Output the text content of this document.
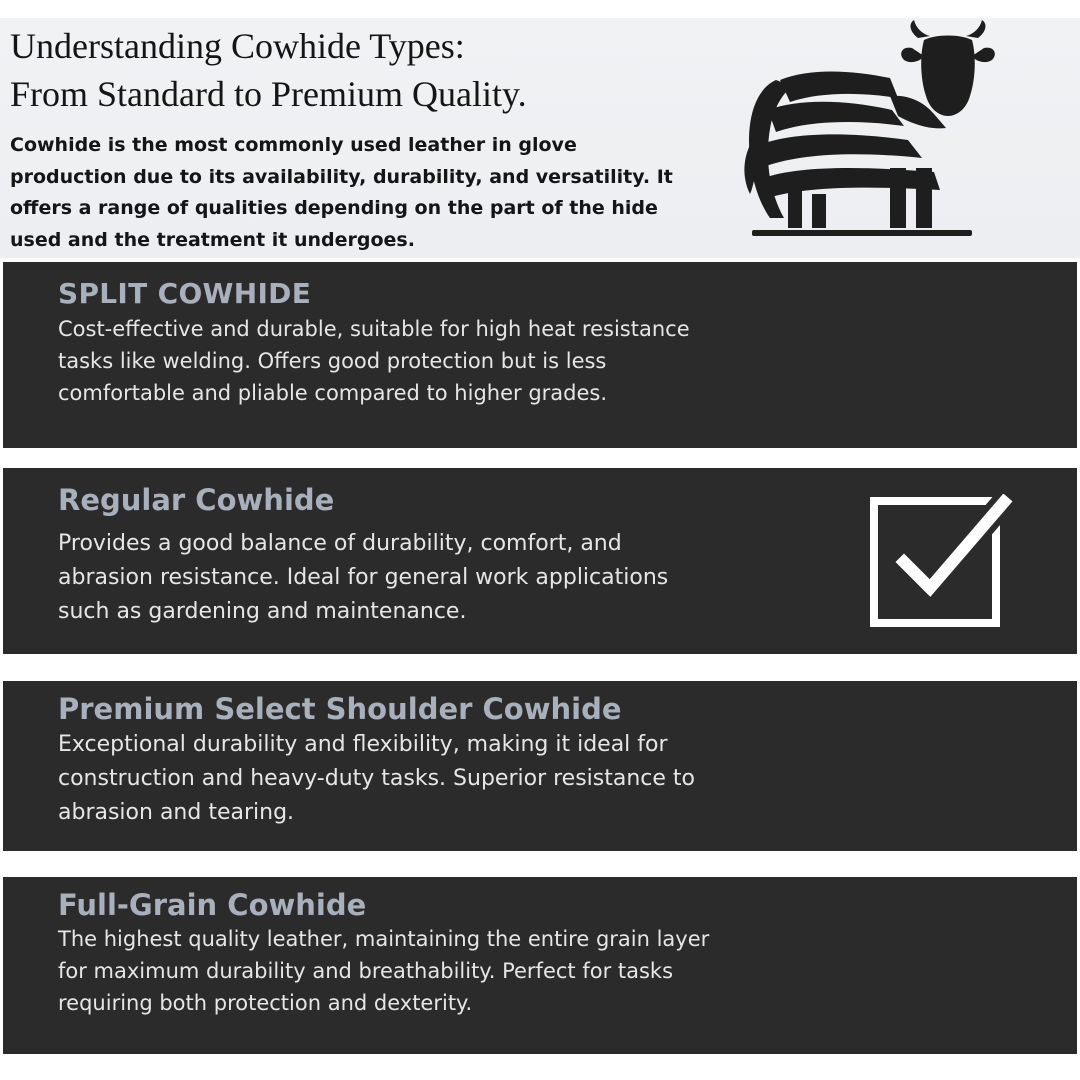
Understanding Cowhide Types:
From Standard to Premium Quality.

Cowhide is the most commonly used leather in glove production due to its availability, durability, and versatility. It offers a range of qualities depending on the part of the hide used and the treatment it undergoes.

SPLIT COWHIDE

Cost-effective and durable, suitable for high heat resistance tasks like welding. Offers good protection but is less comfortable and pliable compared to higher grades.

Regular Cowhide

Provides a good balance of durability, comfort, and abrasion resistance. Ideal for general work applications such as gardening and maintenance.

Premium Select Shoulder Cowhide

Exceptional durability and flexibility, making it ideal for construction and heavy-duty tasks. Superior resistance to abrasion and tearing.

Full-Grain Cowhide

The highest quality leather, maintaining the entire grain layer for maximum durability and breathability. Perfect for tasks requiring both protection and dexterity.
